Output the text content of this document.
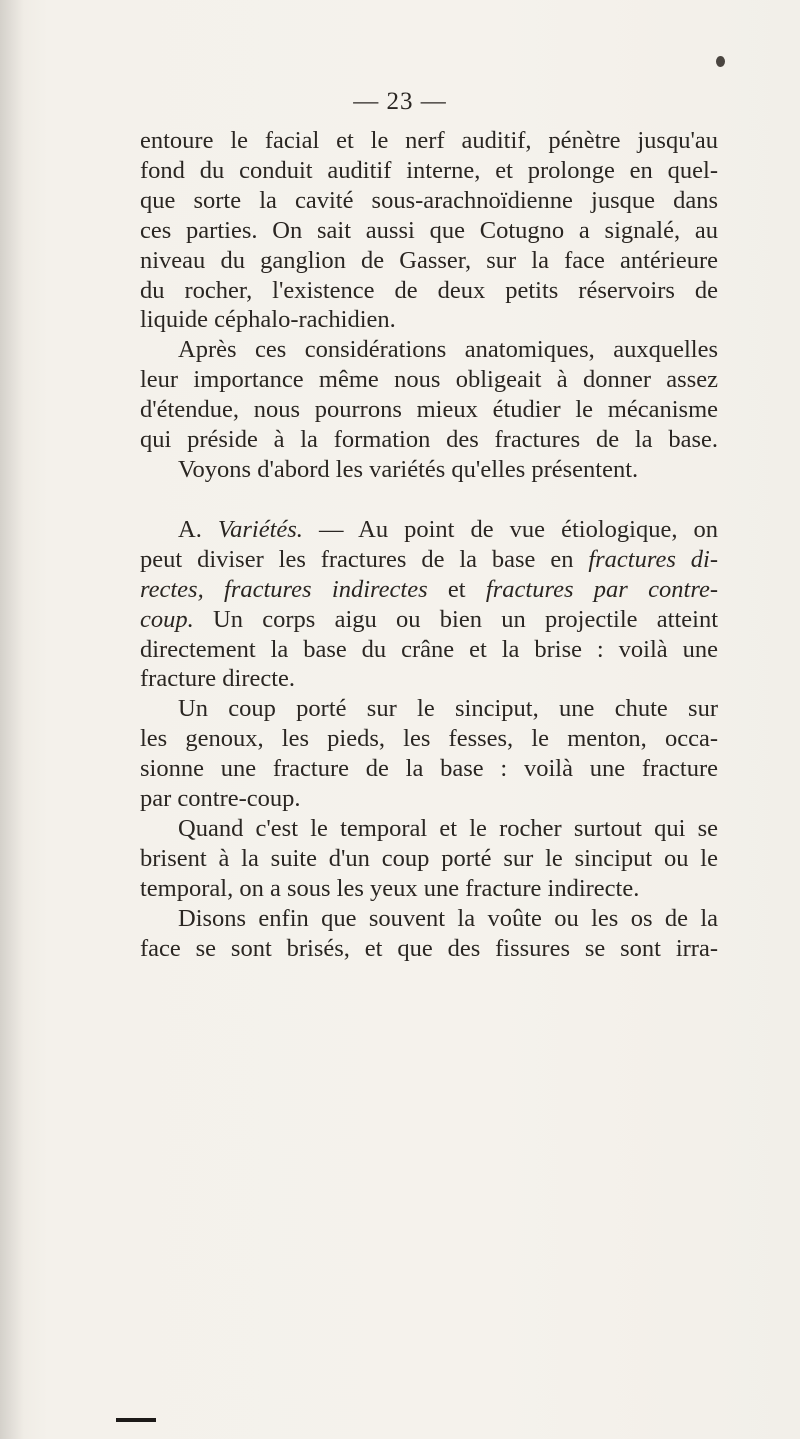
— 23 —

entoure le facial et le nerf auditif, pénètre jusqu'au
fond du conduit auditif interne, et prolonge en quel-
que sorte la cavité sous-arachnoïdienne jusque dans
ces parties. On sait aussi que Cotugno a signalé, au
niveau du ganglion de Gasser, sur la face antérieure
du rocher, l'existence de deux petits réservoirs de
liquide céphalo-rachidien.

Après ces considérations anatomiques, auxquelles
leur importance même nous obligeait à donner assez
d'étendue, nous pourrons mieux étudier le mécanisme
qui préside à la formation des fractures de la base.
Voyons d'abord les variétés qu'elles présentent.

A. Variétés. — Au point de vue étiologique, on
peut diviser les fractures de la base en fractures di-
rectes, fractures indirectes et fractures par contre-
coup. Un corps aigu ou bien un projectile atteint
directement la base du crâne et la brise : voilà une
fracture directe.

Un coup porté sur le sinciput, une chute sur
les genoux, les pieds, les fesses, le menton, occa-
sionne une fracture de la base : voilà une fracture
par contre-coup.

Quand c'est le temporal et le rocher surtout qui se
brisent à la suite d'un coup porté sur le sinciput ou le
temporal, on a sous les yeux une fracture indirecte.

Disons enfin que souvent la voûte ou les os de la
face se sont brisés, et que des fissures se sont irra-
